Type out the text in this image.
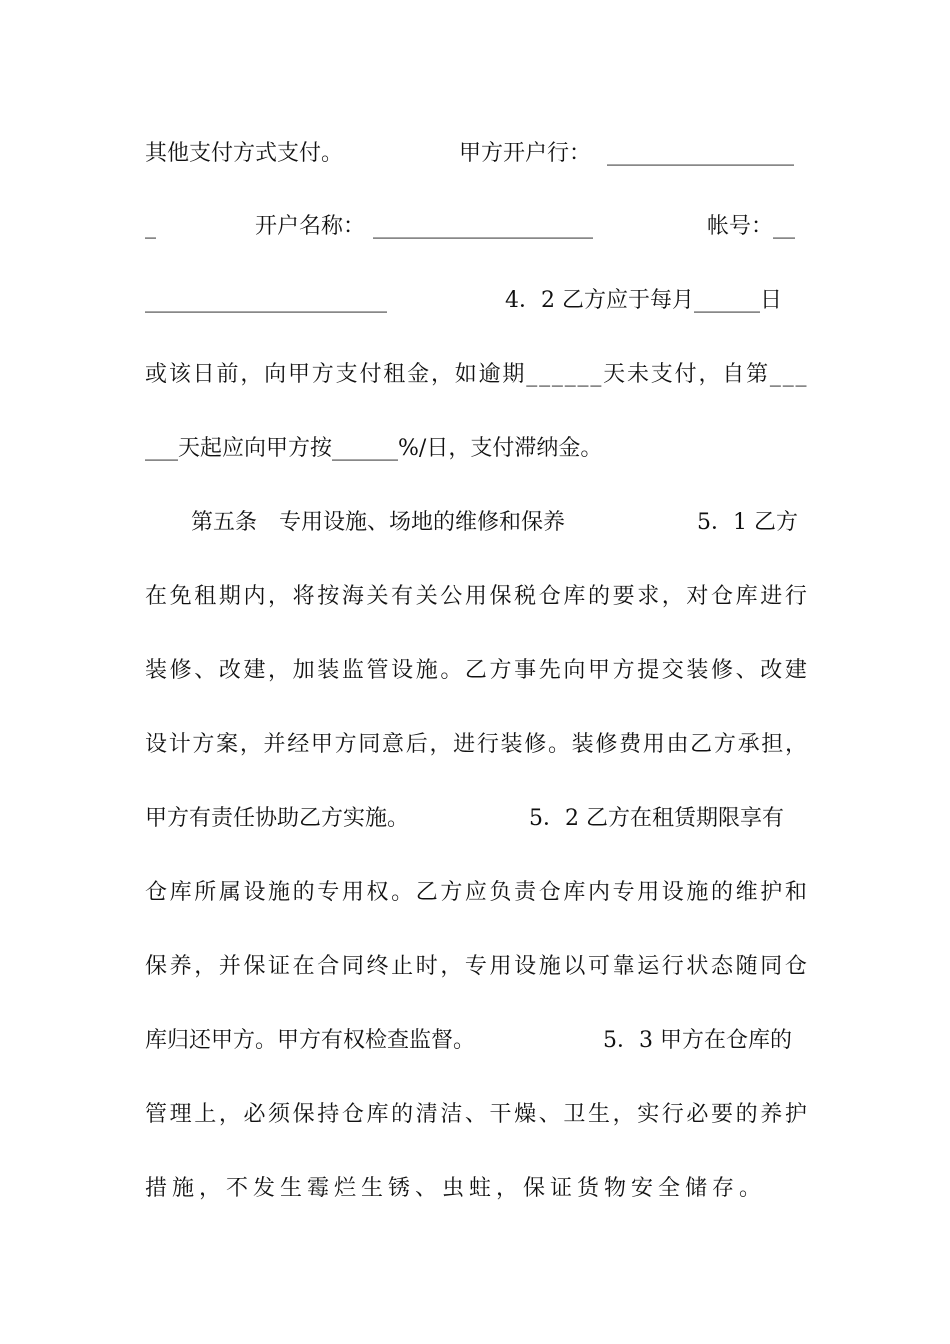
其他支付方式支付。

	甲方开户行：

_________________

_

	开户名称：

____________________

	帐号：__

______________________

	4．2 乙方应于每月______日

或 该 日 前 ， 向 甲 方 支 付 租 金 ， 如 逾 期 _ _ _ _ _ _ 天 未 支 付 ， 自 第 _ _ _

___天起应向甲方按______%/日，支付滞纳金。

第五条　专用设施、场地的维修和保养

	5．1 乙方

在 免 租 期 内 ， 将 按 海 关 有 关 公 用 保 税 仓 库 的 要 求 ， 对 仓 库 进 行
装 修 、 改 建 ， 加 装 监 管 设 施 。 乙 方 事 先 向 甲 方 提 交 装 修 、 改 建
设 计 方 案 ， 并 经 甲 方 同 意 后 ， 进 行 装 修 。 装 修 费 用 由 乙 方 承 担 ，

甲方有责任协助乙方实施。

	5．2 乙方在租赁期限享有

仓 库 所 属 设 施 的 专 用 权 。 乙 方 应 负 责 仓 库 内 专 用 设 施 的 维 护 和
保 养 ， 并 保 证 在 合 同 终 止 时 ， 专 用 设 施 以 可 靠 运 行 状 态 随 同 仓

库归还甲方。甲方有权检查监督。

	5．3 甲方在仓库的

管 理 上 ， 必 须 保 持 仓 库 的 清 洁 、 干 燥 、 卫 生 ， 实 行 必 要 的 养 护

措施，不发生霉烂生锈、虫蛀，保证货物安全储存。
